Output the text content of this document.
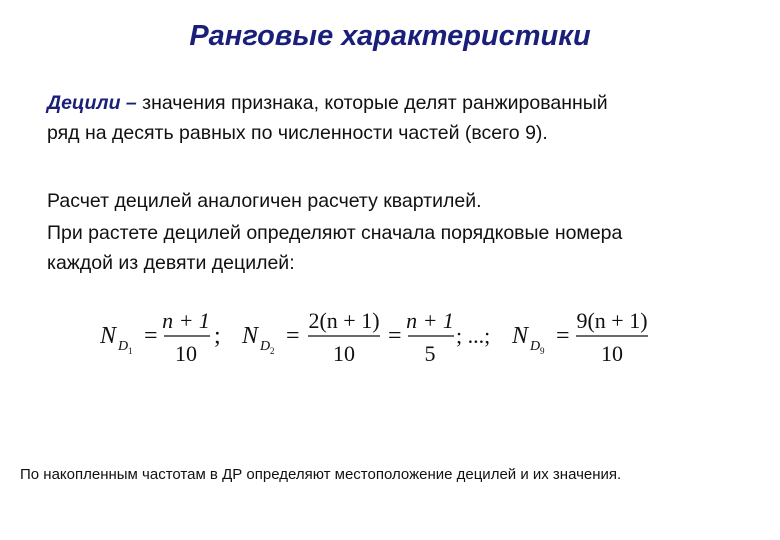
Ранговые характеристики
Децили – значения признака, которые делят ранжированный
ряд на десять равных по численности частей (всего 9).
Расчет децилей аналогичен расчету квартилей.
При растете децилей определяют сначала порядковые номера
каждой из девяти децилей:
N D 1
=
n + 1
10
; N D 2
=
2(n + 1)
10
=
n + 1
5
; ...; N D 9
=
9(n + 1)
10
По накопленным частотам в ДР определяют местоположение децилей и их значения.
